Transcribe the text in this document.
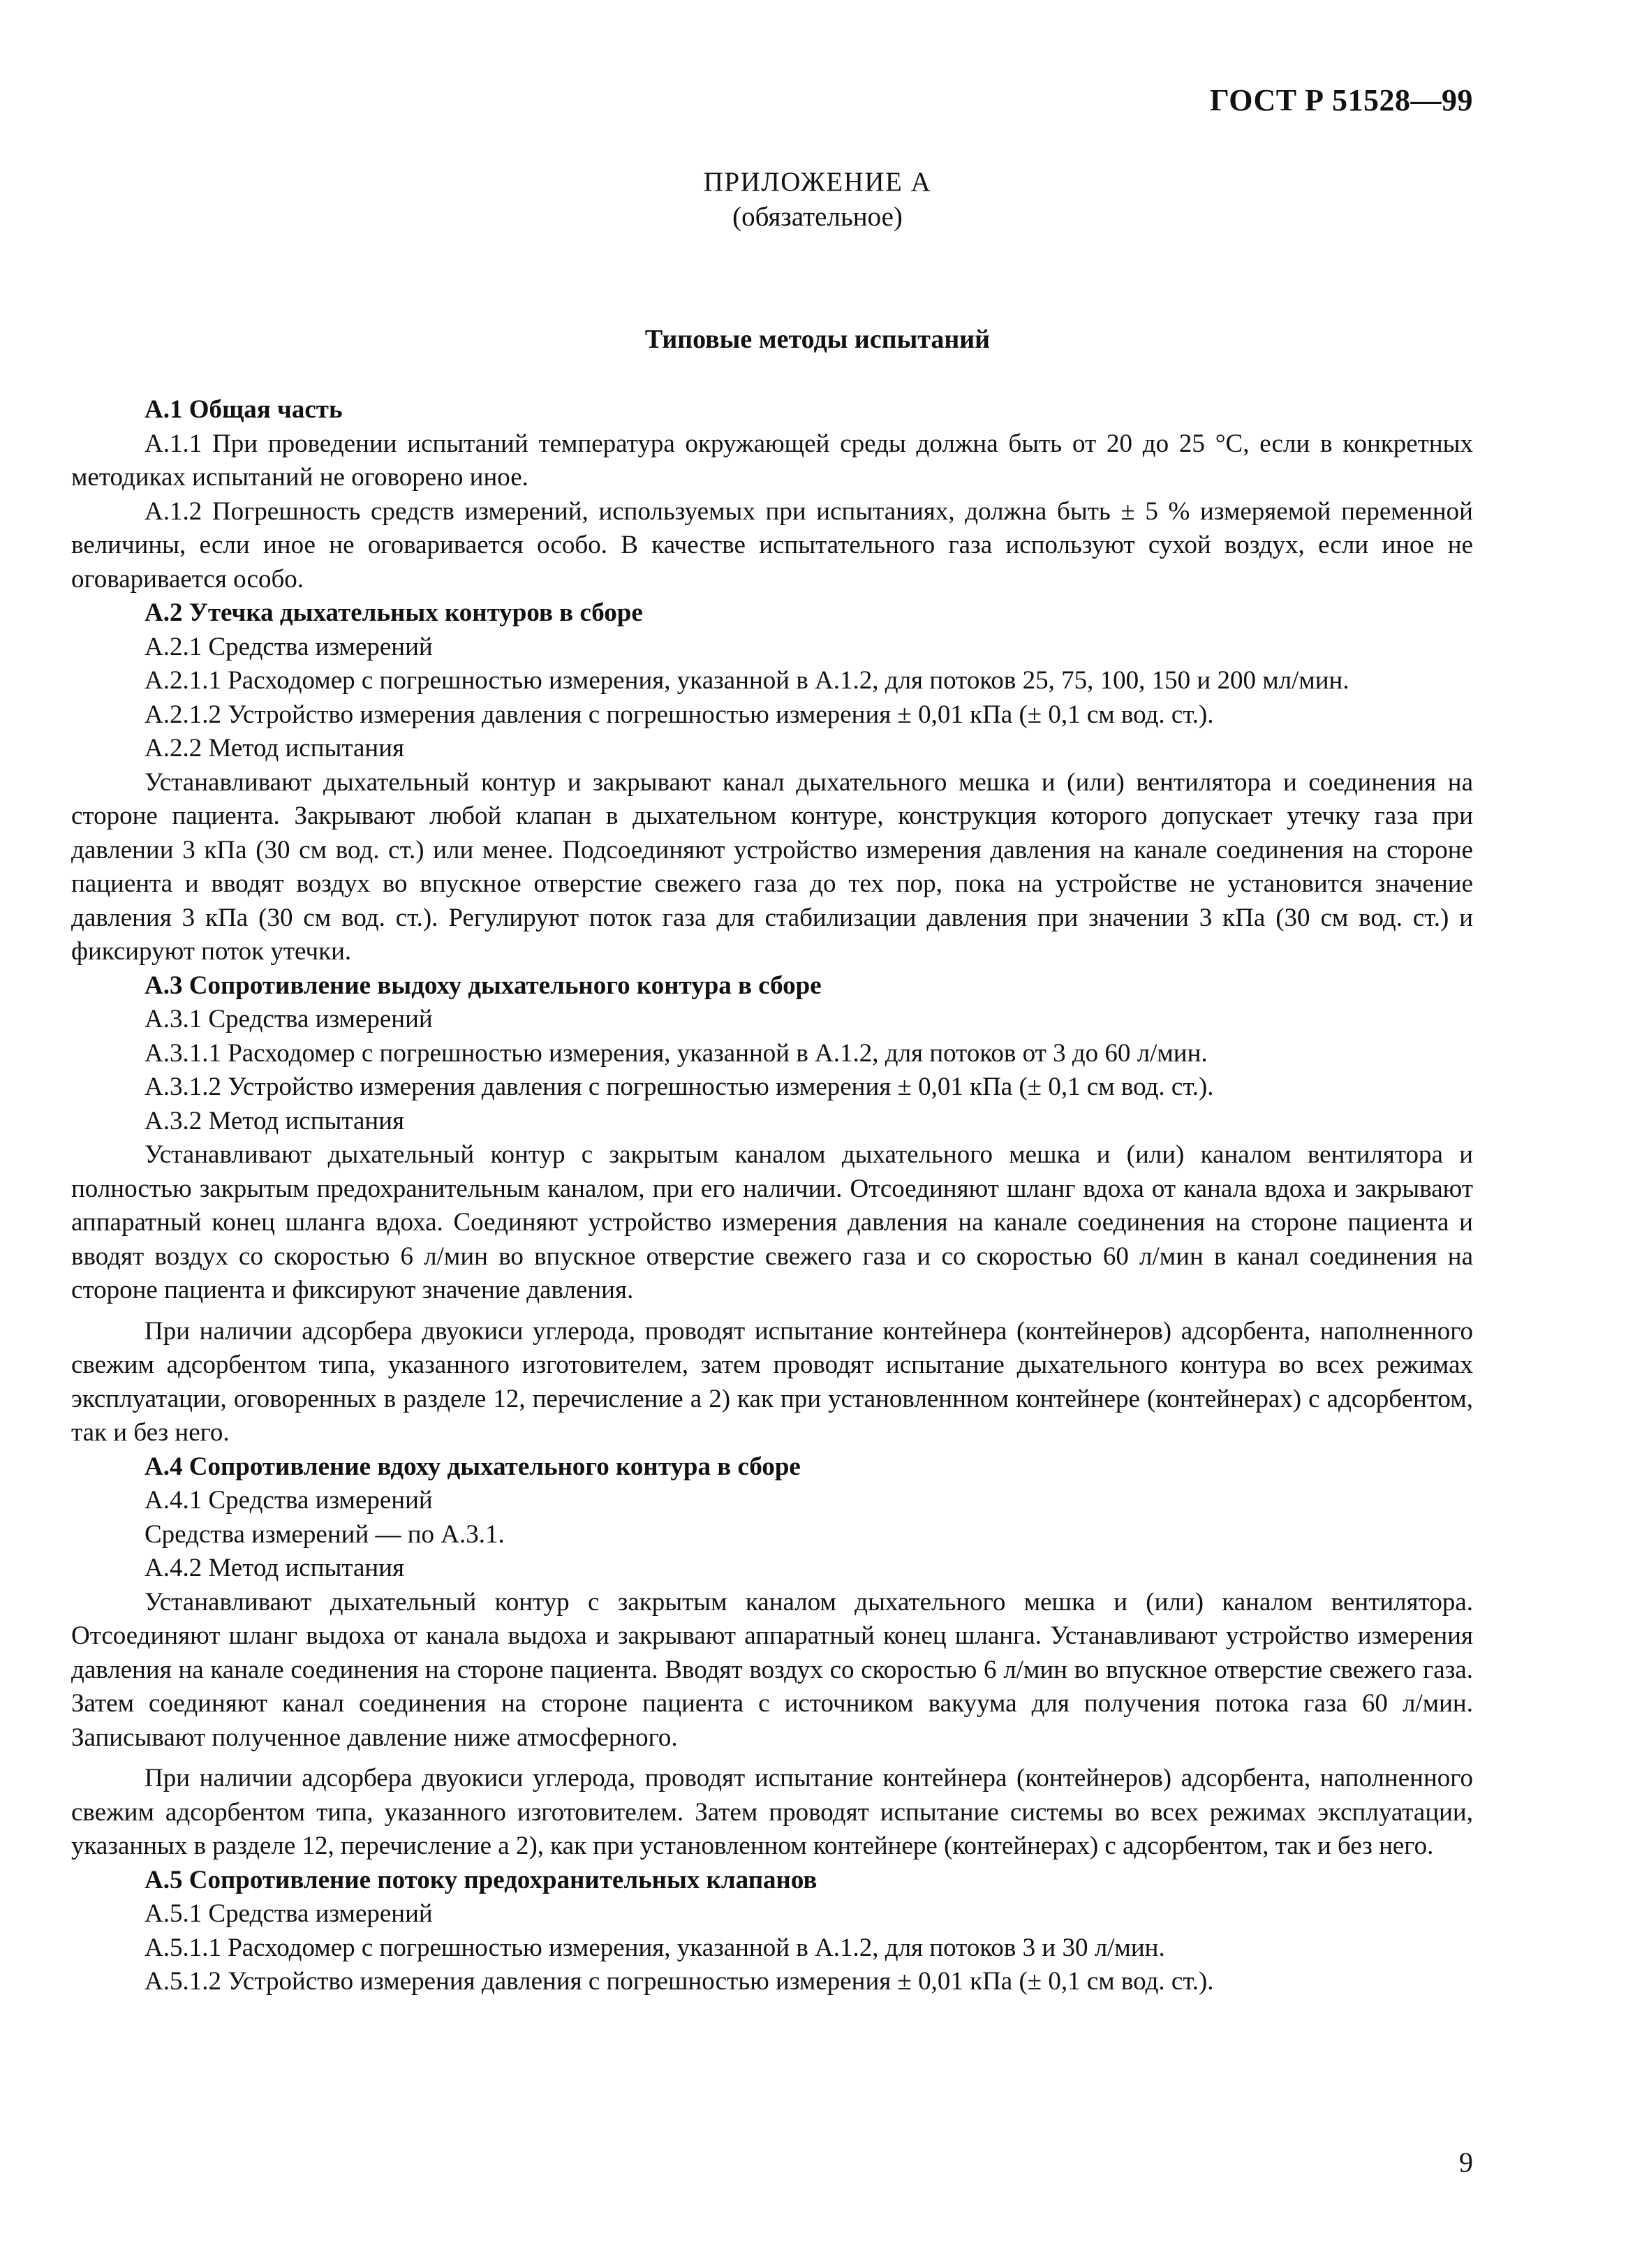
ГОСТ Р 51528—99
ПРИЛОЖЕНИЕ А
(обязательное)
Типовые методы испытаний

А.1 Общая часть

А.1.1 При проведении испытаний температура окружающей среды должна быть от 20 до 25 °С, если в конкретных методиках испытаний не оговорено иное.

А.1.2 Погрешность средств измерений, используемых при испытаниях, должна быть ± 5 % измеряемой переменной величины, если иное не оговаривается особо. В качестве испытательного газа используют сухой воздух, если иное не оговаривается особо.

А.2 Утечка дыхательных контуров в сборе

А.2.1 Средства измерений

А.2.1.1 Расходомер с погрешностью измерения, указанной в А.1.2, для потоков 25, 75, 100, 150 и 200 мл/мин.

А.2.1.2 Устройство измерения давления с погрешностью измерения ± 0,01 кПа (± 0,1 см вод. ст.).

А.2.2 Метод испытания

Устанавливают дыхательный контур и закрывают канал дыхательного мешка и (или) вентилятора и соединения на стороне пациента. Закрывают любой клапан в дыхательном контуре, конструкция которого допускает утечку газа при давлении 3 кПа (30 см вод. ст.) или менее. Подсоединяют устройство измерения давления на канале соединения на стороне пациента и вводят воздух во впускное отверстие свежего газа до тех пор, пока на устройстве не установится значение давления 3 кПа (30 см вод. ст.). Регулируют поток газа для стабилизации давления при значении 3 кПа (30 см вод. ст.) и фиксируют поток утечки.

А.3 Сопротивление выдоху дыхательного контура в сборе

А.3.1 Средства измерений

А.3.1.1 Расходомер с погрешностью измерения, указанной в А.1.2, для потоков от 3 до 60 л/мин.

А.3.1.2 Устройство измерения давления с погрешностью измерения ± 0,01 кПа (± 0,1 см вод. ст.).

А.3.2 Метод испытания

Устанавливают дыхательный контур с закрытым каналом дыхательного мешка и (или) каналом вентилятора и полностью закрытым предохранительным каналом, при его наличии. Отсоединяют шланг вдоха от канала вдоха и закрывают аппаратный конец шланга вдоха. Соединяют устройство измерения давления на канале соединения на стороне пациента и вводят воздух со скоростью 6 л/мин во впускное отверстие свежего газа и со скоростью 60 л/мин в канал соединения на стороне пациента и фиксируют значение давления.

При наличии адсорбера двуокиси углерода, проводят испытание контейнера (контейнеров) адсорбента, наполненного свежим адсорбентом типа, указанного изготовителем, затем проводят испытание дыхательного контура во всех режимах эксплуатации, оговоренных в разделе 12, перечисление а 2) как при установленнном контейнере (контейнерах) с адсорбентом, так и без него.

А.4 Сопротивление вдоху дыхательного контура в сборе

А.4.1 Средства измерений

Средства измерений — по А.3.1.

А.4.2 Метод испытания

Устанавливают дыхательный контур с закрытым каналом дыхательного мешка и (или) каналом вентилятора. Отсоединяют шланг выдоха от канала выдоха и закрывают аппаратный конец шланга. Устанавливают устройство измерения давления на канале соединения на стороне пациента. Вводят воздух со скоростью 6 л/мин во впускное отверстие свежего газа. Затем соединяют канал соединения на стороне пациента с источником вакуума для получения потока газа 60 л/мин. Записывают полученное давление ниже атмосферного.

При наличии адсорбера двуокиси углерода, проводят испытание контейнера (контейнеров) адсорбента, наполненного свежим адсорбентом типа, указанного изготовителем. Затем проводят испытание системы во всех режимах эксплуатации, указанных в разделе 12, перечисление а 2), как при установленном контейнере (контейнерах) с адсорбентом, так и без него.

А.5 Сопротивление потоку предохранительных клапанов

А.5.1 Средства измерений

А.5.1.1 Расходомер с погрешностью измерения, указанной в А.1.2, для потоков 3 и 30 л/мин.

А.5.1.2 Устройство измерения давления с погрешностью измерения ± 0,01 кПа (± 0,1 см вод. ст.).

9
